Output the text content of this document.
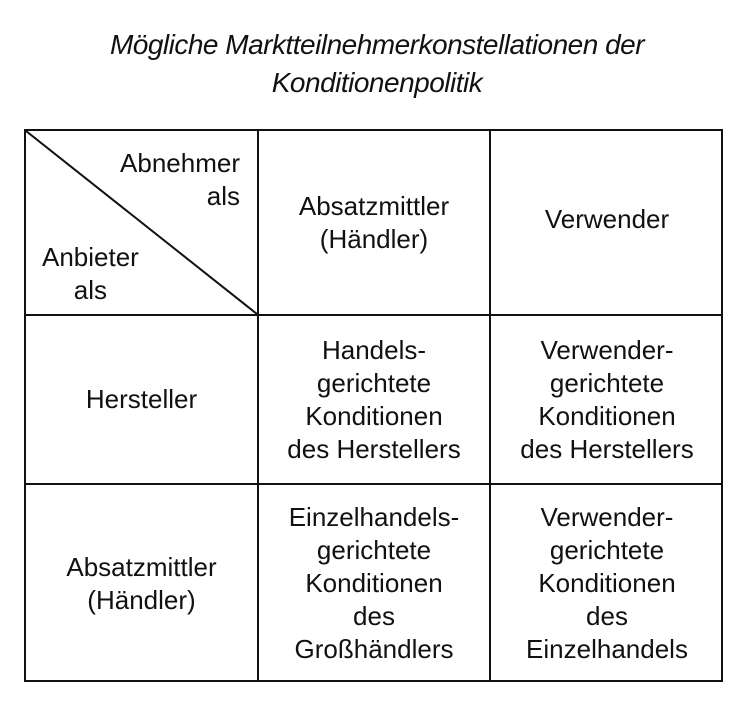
Mögliche Marktteilnehmerkonstellationen der
Konditionenpolitik
Abnehmer
als
Anbieter
als
Absatzmittler
(Händler)
Verwender
Hersteller
Handels-
gerichtete
Konditionen
des Herstellers
Verwender-
gerichtete
Konditionen
des Herstellers
Absatzmittler
(Händler)
Einzelhandels-
gerichtete
Konditionen
des
Großhändlers
Verwender-
gerichtete
Konditionen
des
Einzelhandels
